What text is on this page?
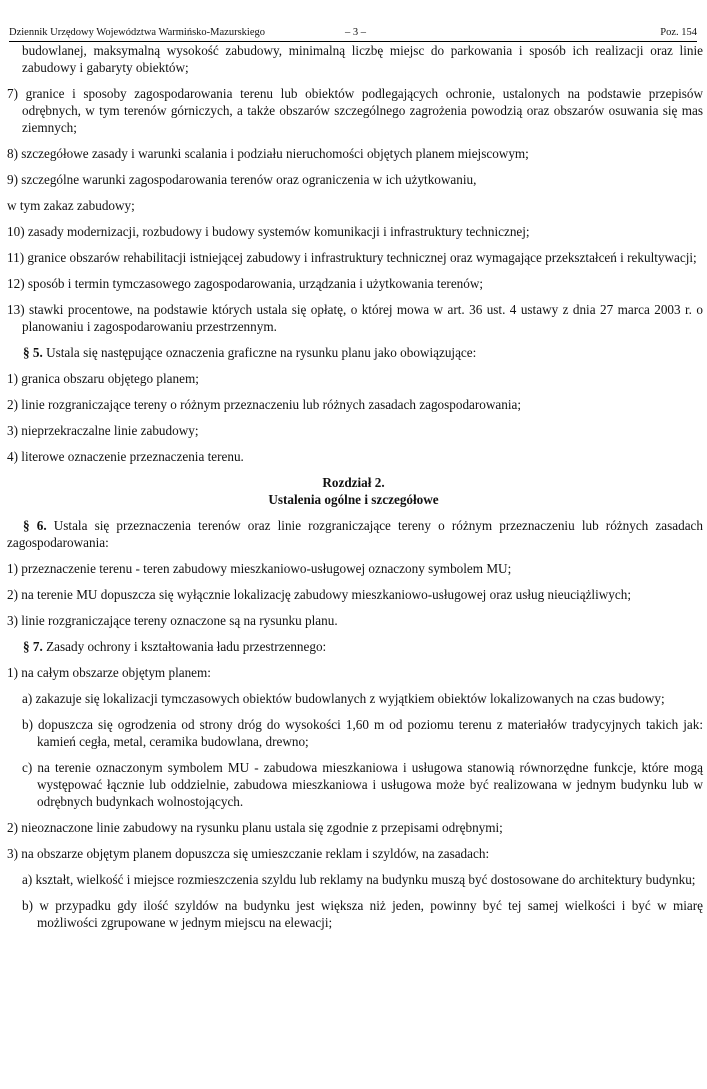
Dziennik Urzędowy Województwa Warmińsko-Mazurskiego	– 3 –	Poz. 154

budowlanej, maksymalną wysokość zabudowy, minimalną liczbę miejsc do parkowania i sposób ich realizacji oraz linie zabudowy i gabaryty obiektów;

7) granice i sposoby zagospodarowania terenu lub obiektów podlegających ochronie, ustalonych na podstawie przepisów odrębnych, w tym terenów górniczych, a także obszarów szczególnego zagrożenia powodzią oraz obszarów osuwania się mas ziemnych;

8) szczegółowe zasady i warunki scalania i podziału nieruchomości objętych planem miejscowym;

9) szczególne warunki zagospodarowania terenów oraz ograniczenia w ich użytkowaniu,

w tym zakaz zabudowy;

10) zasady modernizacji, rozbudowy i budowy systemów komunikacji i infrastruktury technicznej;

11) granice obszarów rehabilitacji istniejącej zabudowy i infrastruktury technicznej oraz wymagające przekształceń i rekultywacji;

12) sposób i termin tymczasowego zagospodarowania, urządzania i użytkowania terenów;

13) stawki procentowe, na podstawie których ustala się opłatę, o której mowa w art. 36 ust. 4 ustawy z dnia 27 marca 2003 r. o planowaniu i zagospodarowaniu przestrzennym.

§ 5. Ustala się następujące oznaczenia graficzne na rysunku planu jako obowiązujące:

1) granica obszaru objętego planem;

2) linie rozgraniczające tereny o różnym przeznaczeniu lub różnych zasadach zagospodarowania;

3) nieprzekraczalne linie zabudowy;

4) literowe oznaczenie przeznaczenia terenu.

Rozdział 2.

Ustalenia ogólne i szczegółowe

§ 6. Ustala się przeznaczenia terenów oraz linie rozgraniczające tereny o różnym przeznaczeniu lub różnych zasadach zagospodarowania:

1) przeznaczenie terenu - teren zabudowy mieszkaniowo-usługowej oznaczony symbolem MU;

2) na terenie MU dopuszcza się wyłącznie lokalizację zabudowy mieszkaniowo-usługowej oraz usług nieuciążliwych;

3) linie rozgraniczające tereny oznaczone są na rysunku planu.

§ 7. Zasady ochrony i kształtowania ładu przestrzennego:

1) na całym obszarze objętym planem:

a) zakazuje się lokalizacji tymczasowych obiektów budowlanych z wyjątkiem obiektów lokalizowanych na czas budowy;

b) dopuszcza się ogrodzenia od strony dróg do wysokości 1,60 m od poziomu terenu z materiałów tradycyjnych takich jak: kamień cegła, metal, ceramika budowlana, drewno;

c) na terenie oznaczonym symbolem MU - zabudowa mieszkaniowa i usługowa stanowią równorzędne funkcje, które mogą występować łącznie lub oddzielnie, zabudowa mieszkaniowa i usługowa może być realizowana w jednym budynku lub w odrębnych budynkach wolnostojących.

2) nieoznaczone linie zabudowy na rysunku planu ustala się zgodnie z przepisami odrębnymi;

3) na obszarze objętym planem dopuszcza się umieszczanie reklam i szyldów, na zasadach:

a) kształt, wielkość i miejsce rozmieszczenia szyldu lub reklamy na budynku muszą być dostosowane do architektury budynku;

b) w przypadku gdy ilość szyldów na budynku jest większa niż jeden, powinny być tej samej wielkości i być w miarę możliwości zgrupowane w jednym miejscu na elewacji;
